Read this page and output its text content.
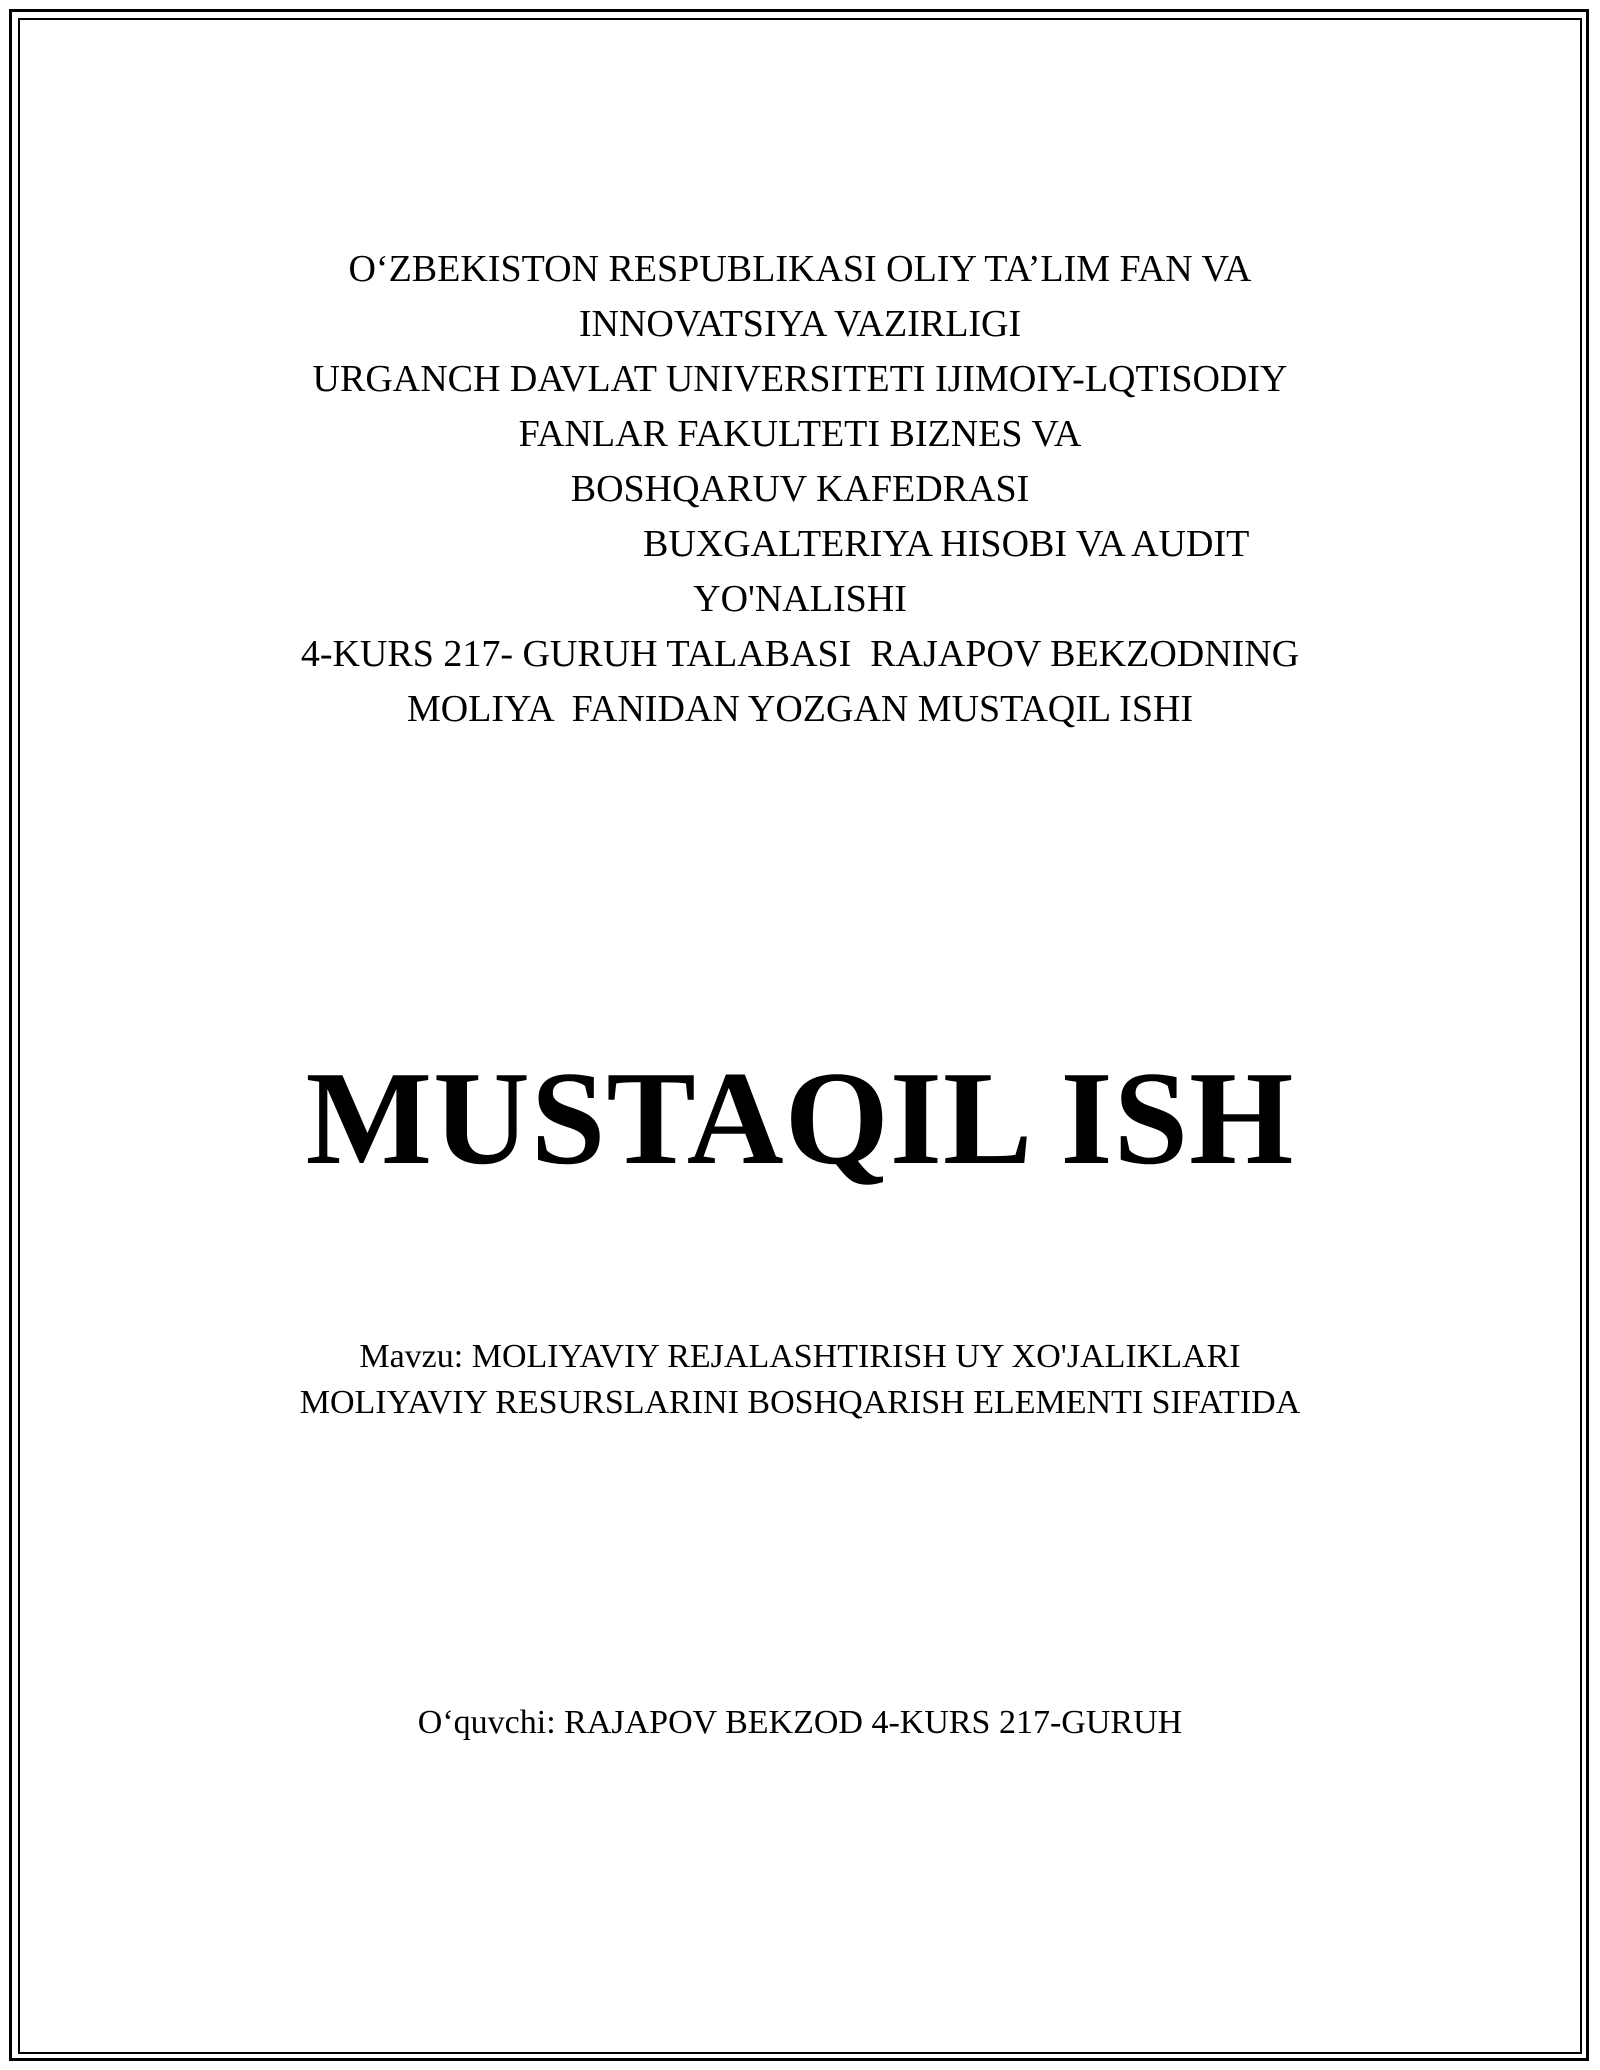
O‘ZBEKISTON RESPUBLIKASI OLIY TA’LIM FAN VA
INNOVATSIYA VAZIRLIGI
URGANCH DAVLAT UNIVERSITETI IJIMOIY-LQTISODIY
FANLAR FAKULTETI BIZNES VA
BOSHQARUV KAFEDRASI
BUXGALTERIYA HISOBI VA AUDIT
YO'NALISHI
4-KURS 217- GURUH TALABASI  RAJAPOV BEKZODNING
MOLIYA  FANIDAN YOZGAN MUSTAQIL ISHI
MUSTAQIL ISH
Mavzu: MOLIYAVIY REJALASHTIRISH UY XO'JALIKLARI
MOLIYAVIY RESURSLARINI BOSHQARISH ELEMENTI SIFATIDA
O‘quvchi: RAJAPOV BEKZOD 4-KURS 217-GURUH
